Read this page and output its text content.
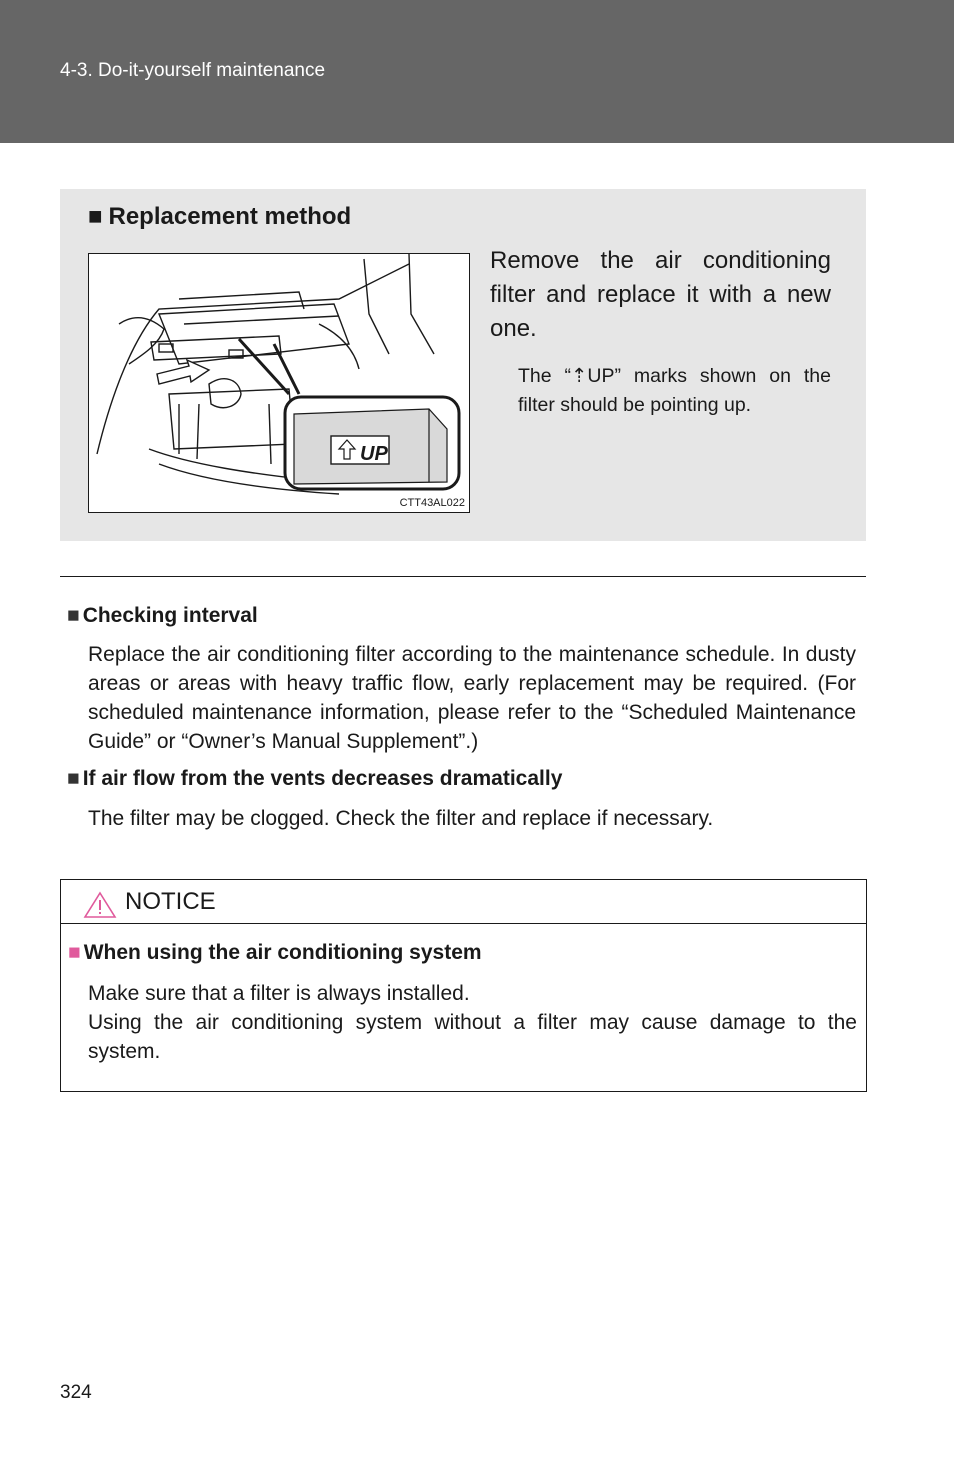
4-3. Do-it-yourself maintenance
■ Replacement method
UP
CTT43AL022
Remove the air conditioning filter and replace it with a new one.
The “⇡UP” marks shown on the filter should be pointing up.
■ Checking interval
Replace the air conditioning filter according to the maintenance schedule. In dusty areas or areas with heavy traffic flow, early replacement may be required. (For scheduled maintenance information, please refer to the “Scheduled Maintenance Guide” or “Owner’s Manual Supplement”.)
■ If air flow from the vents decreases dramatically
The filter may be clogged. Check the filter and replace if necessary.
NOTICE
■ When using the air conditioning system
Make sure that a filter is always installed.
Using the air conditioning system without a filter may cause damage to the system.
324
